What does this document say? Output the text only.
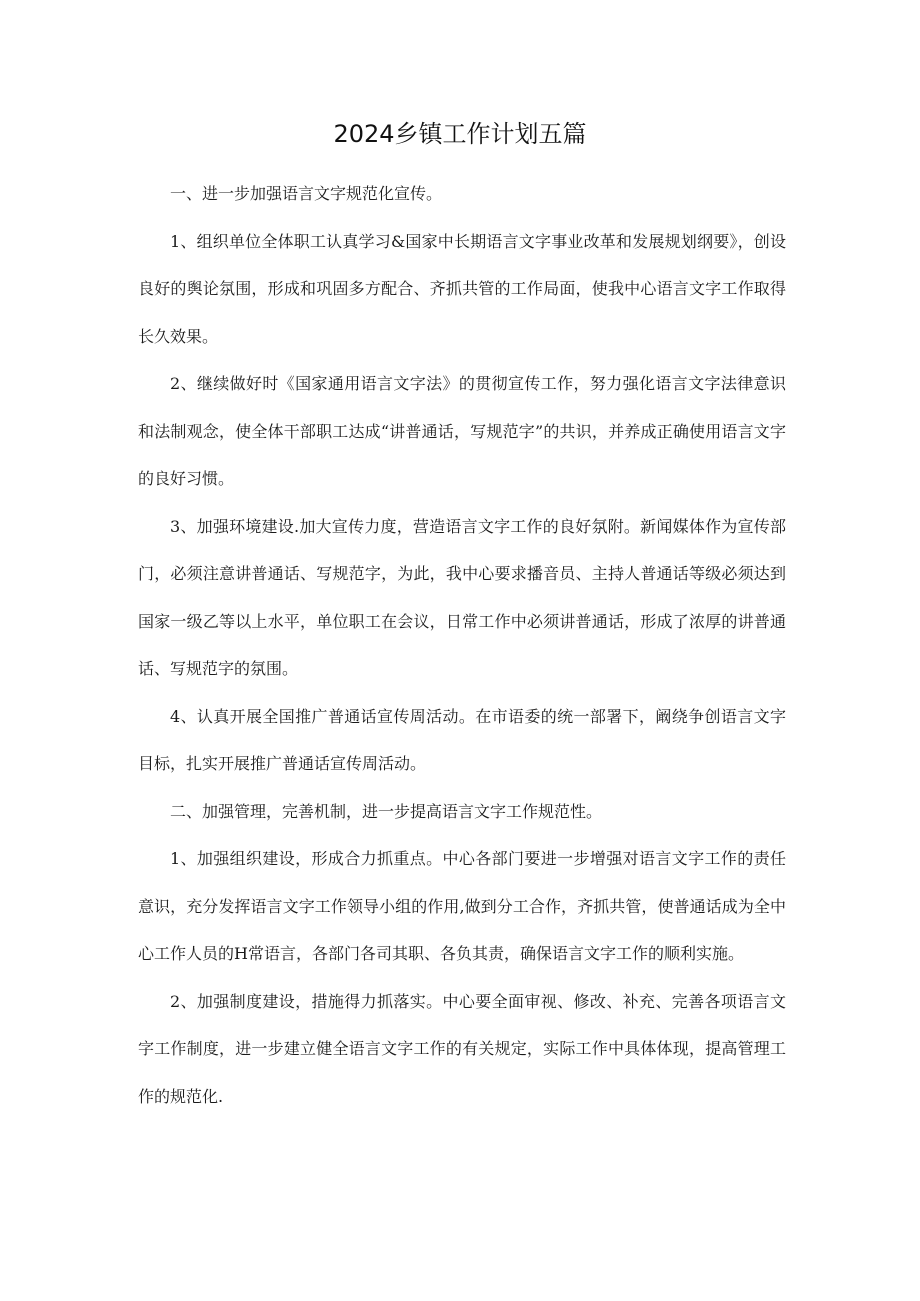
2024乡镇工作计划五篇

一、进一步加强语言文字规范化宣传。

1、组织单位全体职工认真学习&国家中长期语言文字事业改革和发展规划纲要》，创设良好的舆论氛围，形成和巩固多方配合、齐抓共管的工作局面，使我中心语言文字工作取得长久效果。

2、继续做好时《国家通用语言文字法》的贯彻宣传工作，努力强化语言文字法律意识和法制观念，使全体干部职工达成“讲普通话，写规范字”的共识，并养成正确使用语言文字的良好习惯。

3、加强环境建设.加大宣传力度，营造语言文字工作的良好氛附。新闻媒体作为宣传部门，必须注意讲普通话、写规范字，为此，我中心要求播音员、主持人普通话等级必须达到国家一级乙等以上水平，单位职工在会议，日常工作中必须讲普通话，形成了浓厚的讲普通话、写规范字的氛围。

4、认真开展全国推广普通话宣传周活动。在市语委的统一部署下，阚绕争创语言文字目标，扎实开展推广普通话宣传周活动。

二、加强管理，完善机制，进一步提高语言文字工作规范性。

1、加强组织建设，形成合力抓重点。中心各部门要进一步增强对语言文字工作的责任意识，充分发挥语言文字工作领导小组的作用,做到分工合作，齐抓共管，使普通话成为全中心工作人员的H常语言，各部门各司其职、各负其责，确保语言文字工作的顺利实施。

2、加强制度建设，措施得力抓落实。中心要全面审视、修改、补充、完善各项语言文字工作制度，进一步建立健全语言文字工作的有关规定，实际工作中具体体现，提高管理工作的规范化.
